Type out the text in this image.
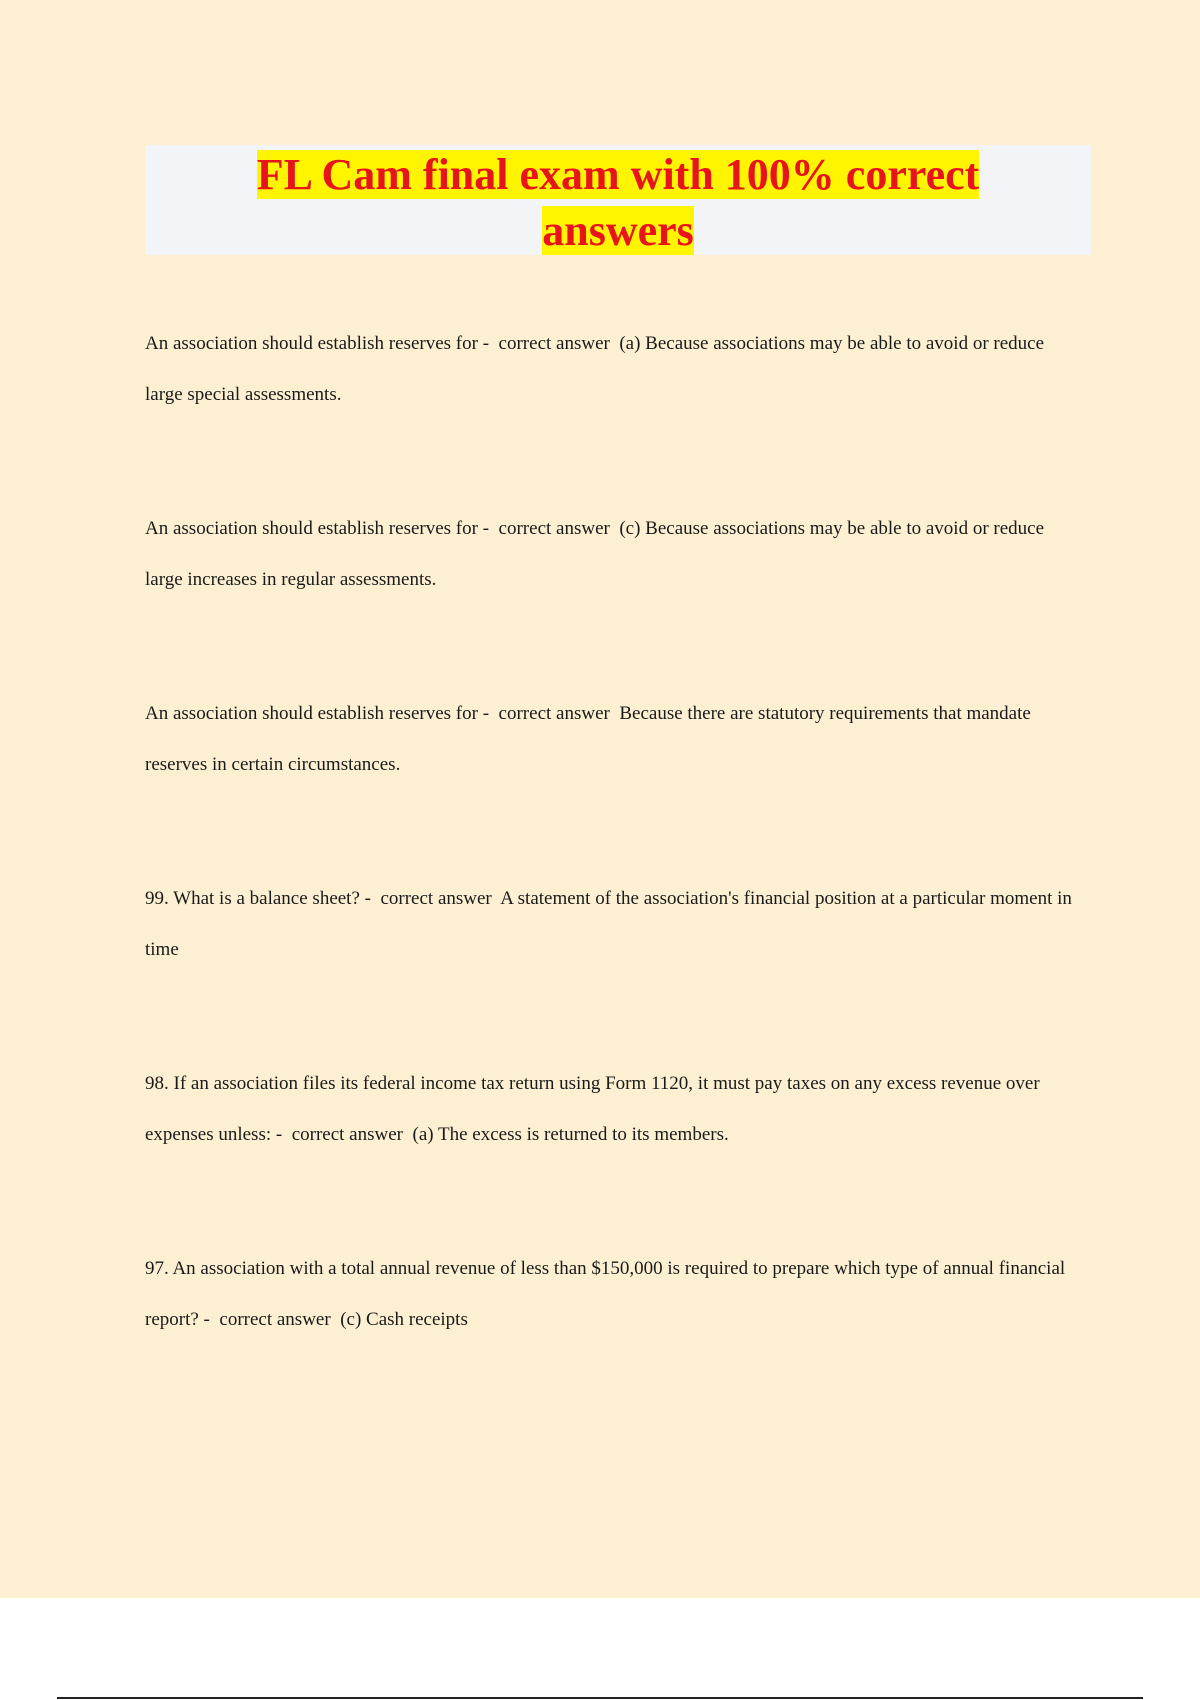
FL Cam final exam with 100% correct answers
An association should establish reserves for - correct answer (a) Because associations may be able to avoid or reduce large special assessments.
An association should establish reserves for - correct answer (c) Because associations may be able to avoid or reduce large increases in regular assessments.
An association should establish reserves for - correct answer Because there are statutory requirements that mandate reserves in certain circumstances.
99. What is a balance sheet? - correct answer A statement of the association's financial position at a particular moment in time
98. If an association files its federal income tax return using Form 1120, it must pay taxes on any excess revenue over expenses unless: - correct answer (a) The excess is returned to its members.
97. An association with a total annual revenue of less than $150,000 is required to prepare which type of annual financial report? - correct answer (c) Cash receipts
